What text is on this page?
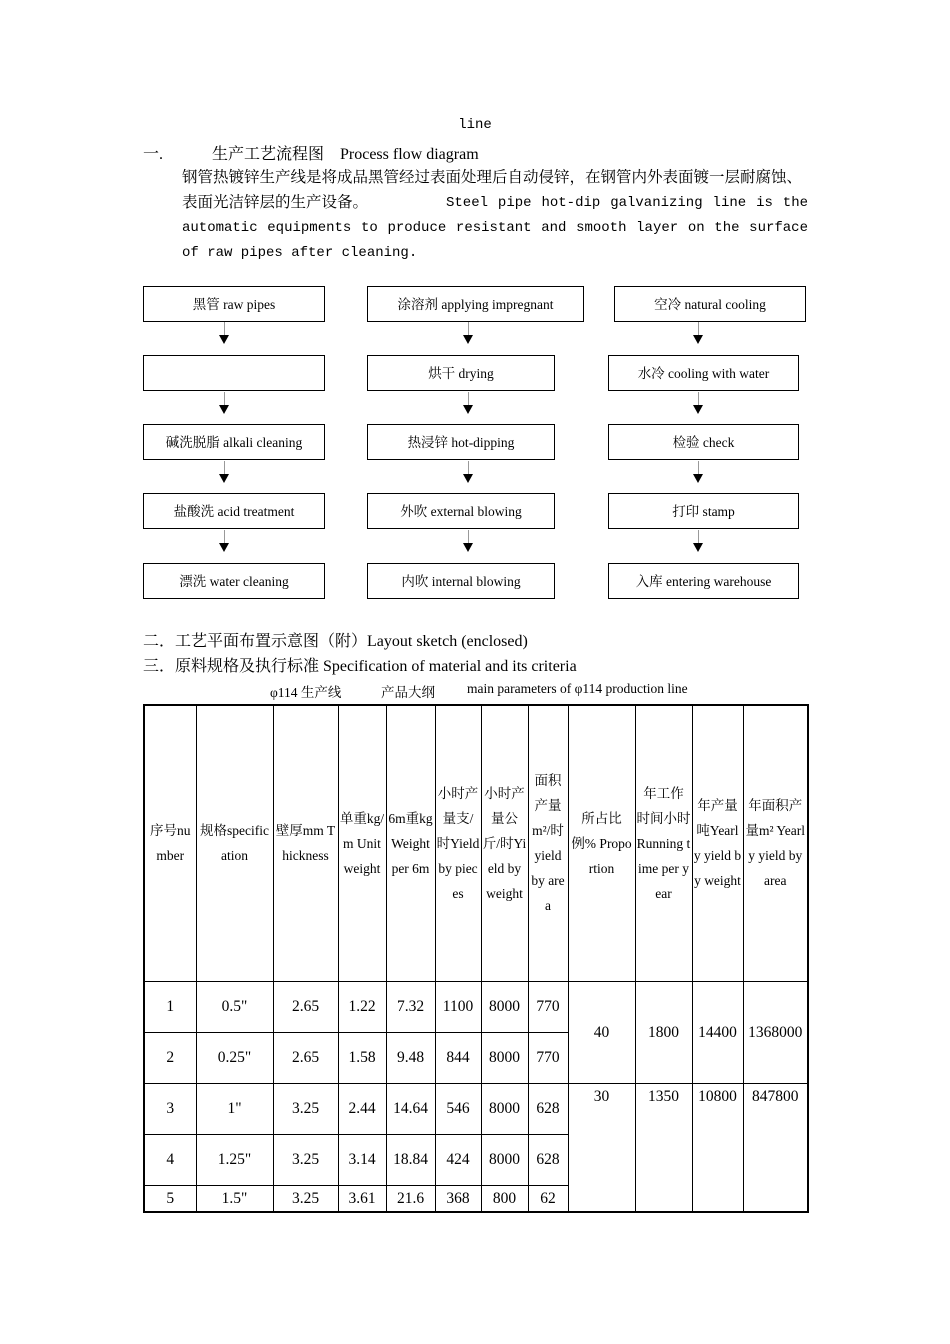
line
一.	生产工艺流程图　Process flow diagram
钢管热镀锌生产线是将成品黑管经过表面处理后自动侵锌，在钢管内外表面镀一层耐腐蚀、表面光洁锌层的生产设备。	Steel pipe hot-dip galvanizing line is the automatic equipments to produce resistant and smooth layer on the surface of raw pipes after cleaning.
黑管 raw pipes
碱洗脱脂 alkali cleaning
盐酸洗 acid treatment
漂洗 water cleaning
涂溶剂 applying impregnant
烘干 drying
热浸锌 hot-dipping
外吹 external blowing
内吹 internal blowing
空冷 natural cooling
水冷 cooling with water
检验 check
打印 stamp
入库 entering warehouse
二．工艺平面布置示意图（附）Layout sketch (enclosed)
三．原料规格及执行标准 Specification of material and its criteria
φ114 生产线	产品大纲 main parameters of φ114 production line
序号number	规格specification	壁厚mm Thickness	单重kg/m Unit weight	6m重kg Weight per 6m	小时产量支/时Yield by pieces	小时产量公斤/时Yield by weight	面积产量m²/时yield by area	所占比例% Proportion	年工作 时间小时Running time per year	年产量吨Yearly yield by weight	年面积产量m² Yearly yield by area
1	0.5"	2.65	1.22	7.32	1100	8000	770	40	1800	14400	1368000
2	0.25"	2.65	1.58	9.48	844	8000	770				
3	1"	3.25	2.44	14.64	546	8000	628	30	1350	10800	847800
4	1.25"	3.25	3.14	18.84	424	8000	628				
5	1.5"	3.25	3.61	21.6	368	800	62				
